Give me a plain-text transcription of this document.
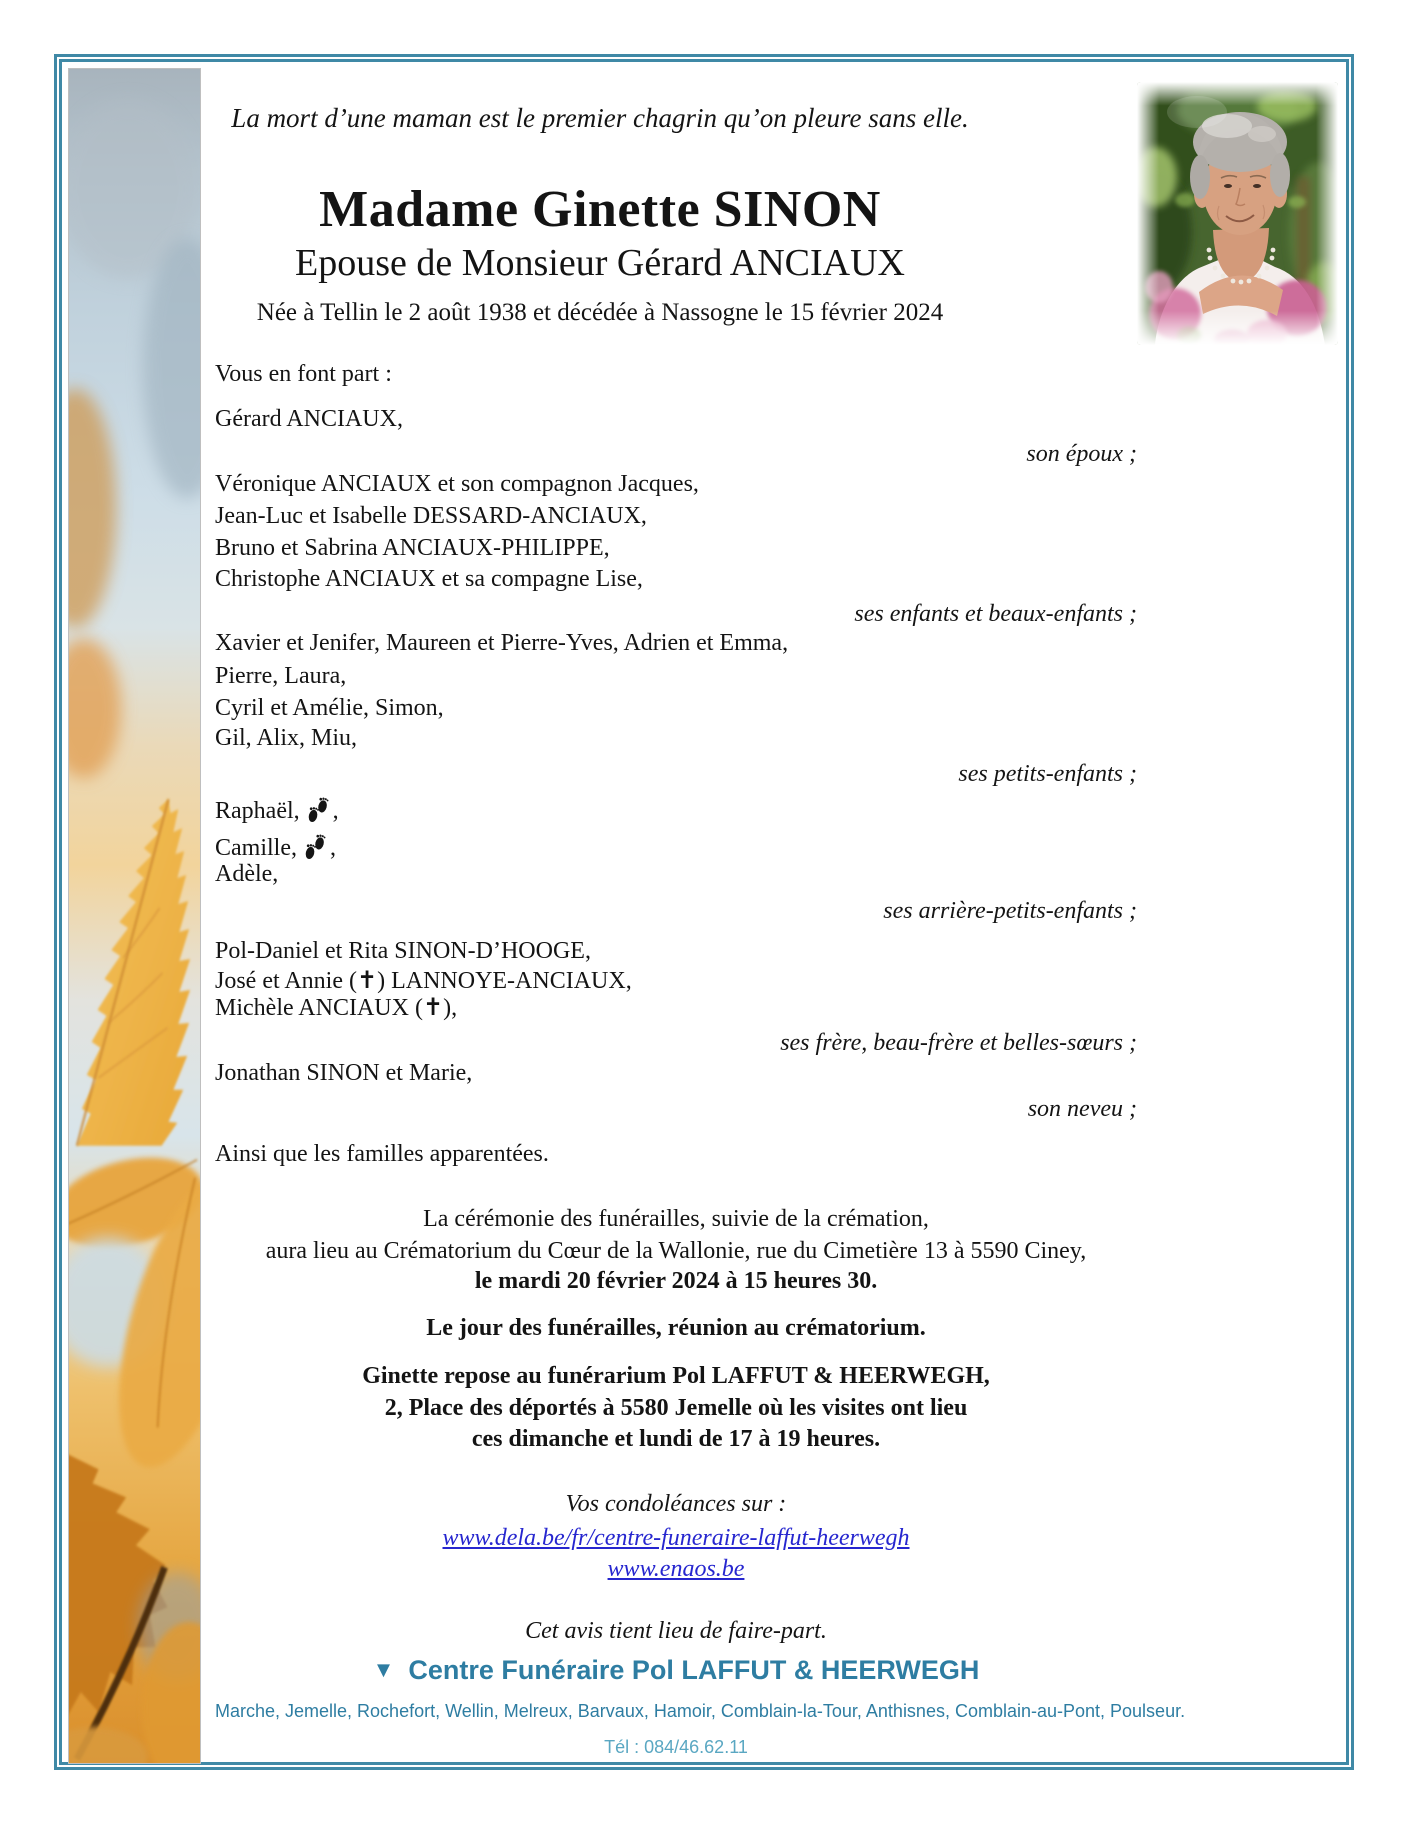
La mort d’une maman est le premier chagrin qu’on pleure sans elle.
Madame Ginette SINON
Epouse de Monsieur Gérard ANCIAUX
Née à Tellin le 2 août 1938 et décédée à Nassogne le 15 février 2024
Vous en font part :
Gérard ANCIAUX,
son époux ;
Véronique ANCIAUX et son compagnon Jacques,
Jean-Luc et Isabelle DESSARD-ANCIAUX,
Bruno et Sabrina ANCIAUX-PHILIPPE,
Christophe ANCIAUX et sa compagne Lise,
ses enfants et beaux-enfants ;
Xavier et Jenifer, Maureen et Pierre-Yves, Adrien et Emma,
Pierre, Laura,
Cyril et Amélie, Simon,
Gil, Alix, Miu,
ses petits-enfants ;
Raphaël, ,
Camille, ,
Adèle,
ses arrière-petits-enfants ;
Pol-Daniel et Rita SINON-D’HOOGE,
José et Annie (✝) LANNOYE-ANCIAUX,
Michèle ANCIAUX (✝),
ses frère, beau-frère et belles-sœurs ;
Jonathan SINON et Marie,
son neveu ;
Ainsi que les familles apparentées.
La cérémonie des funérailles, suivie de la crémation,
aura lieu au Crématorium du Cœur de la Wallonie, rue du Cimetière 13 à 5590 Ciney,
le mardi 20 février 2024 à 15 heures 30.
Le jour des funérailles, réunion au crématorium.
Ginette repose au funérarium Pol LAFFUT & HEERWEGH,
2, Place des déportés à 5580 Jemelle où les visites ont lieu
ces dimanche et lundi de 17 à 19 heures.
Vos condoléances sur :
www.dela.be/fr/centre-funeraire-laffut-heerwegh
www.enaos.be
Cet avis tient lieu de faire-part.
▼ Centre Funéraire Pol LAFFUT & HEERWEGH
Marche, Jemelle, Rochefort, Wellin, Melreux, Barvaux, Hamoir, Comblain-la-Tour, Anthisnes, Comblain-au-Pont, Poulseur.
Tél : 084/46.62.11
